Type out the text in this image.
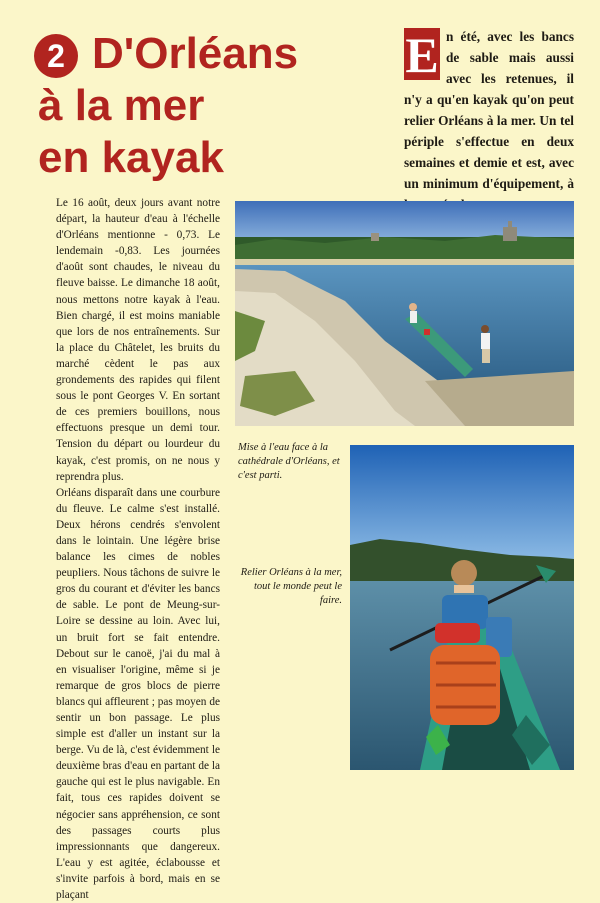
2 D'Orléans
à la mer
en kayak
E n été, avec les bancs de sable mais aussi avec les retenues, il n'y a qu'en kayak qu'on peut relier Orléans à la mer. Un tel périple s'effectue en deux semaines et demie et est, avec un minimum d'équipement, à

Le 16 août, deux jours avant notre départ, la hauteur d'eau à l'échelle d'Orléans mentionne - 0,73. Le lendemain -0,83. Les journées d'août sont chaudes, le niveau du fleuve baisse. Le dimanche 18 août, nous mettons notre kayak à l'eau. Bien chargé, il est moins maniable que lors de nos entraînements. Sur la place du Châtelet, les bruits du marché cèdent le pas aux grondements des rapides qui filent sous le pont Georges V. En sortant de ces premiers bouillons, nous effectuons presque un demi tour. Tension du départ ou lourdeur du kayak, c'est promis, on ne nous y reprendra plus.

Orléans disparaît dans une courbure du fleuve. Le calme s'est installé. Deux hérons cendrés s'envolent dans le lointain. Une légère brise balance les cimes de nobles peupliers. Nous tâchons de suivre le gros du courant et d'éviter les bancs de sable. Le pont de Meung-sur-Loire se dessine au loin. Avec lui, un bruit fort se fait entendre. Debout sur le canoë, j'ai du mal à en visualiser l'origine, même si je remarque de gros blocs de pierre blancs qui affleurent ; pas moyen de sentir un bon passage. Le plus simple est d'aller un instant sur la berge. Vu de là, c'est évidemment le deuxième bras d'eau en partant de la gauche qui est le plus navigable. En fait, tous ces rapides doivent se négocier sans appréhension, ce sont des passages courts plus impressionnants que dangereux. L'eau y est agitée, éclabousse et s'invite parfois à bord, mais en se plaçant

Mise à l'eau face à la cathédrale d'Orléans, et c'est parti.
Relier Orléans à la mer, tout le monde peut le faire.
